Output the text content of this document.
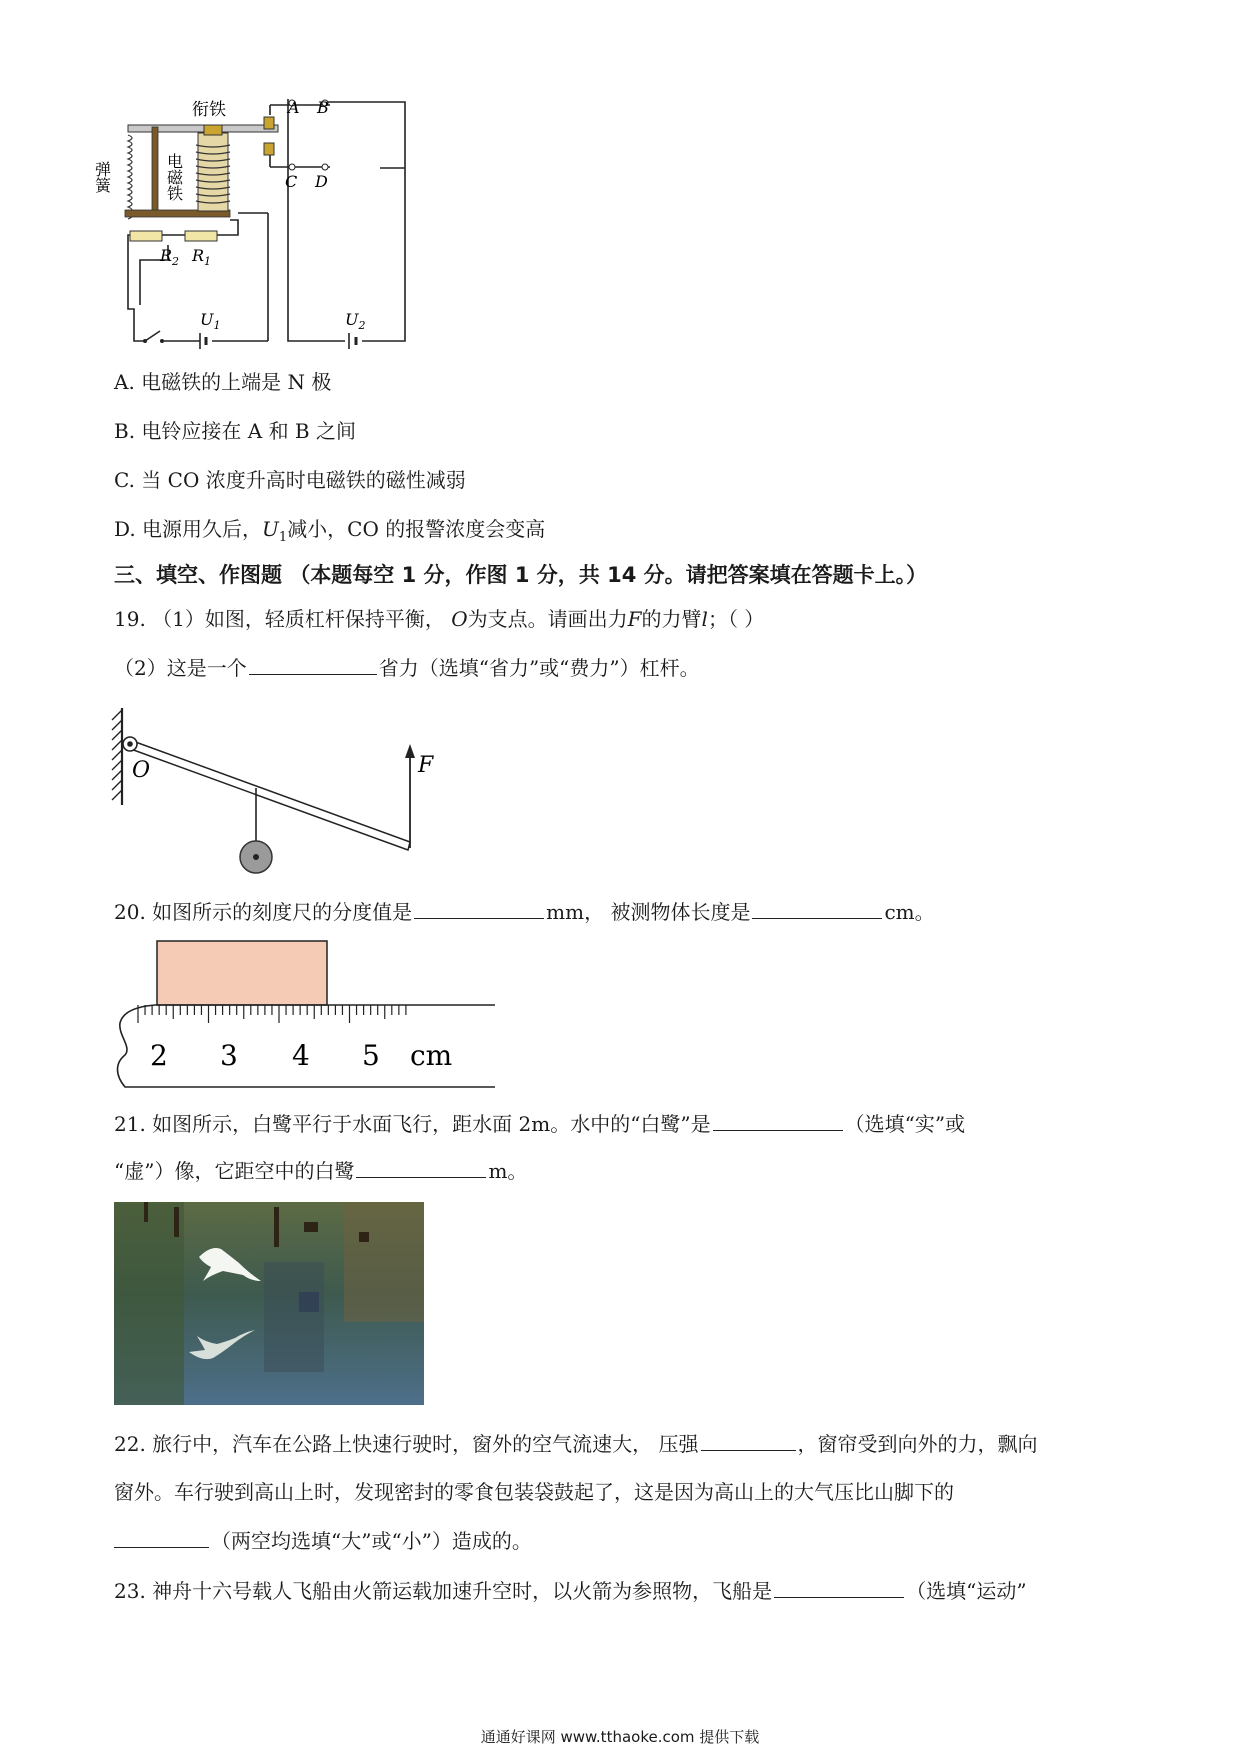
衔铁	A B
C D
弹簧	电磁铁
$R_2$ $R_1$
$U_1$	$U_2$
A. 电磁铁的上端是 N 极
B. 电铃应接在 A 和 B 之间
C. 当 CO 浓度升高时电磁铁的磁性减弱
D. 电源用久后，$U_1$减小，CO 的报警浓度会变高
三、填空、作图题 （本题每空 1 分，作图 1 分，共 14 分。请把答案填在答题卡上。）
19. （1）如图，轻质杠杆保持平衡， O为支点。请画出力F的力臂l；（ ）
（2）这是一个	省力（选填“省力”或“费力”）杠杆。
O	F
20. 如图所示的刻度尺的分度值是	mm， 被测物体长度是	cm。
2 3 4 5 cm
21. 如图所示，白鹭平行于水面飞行，距水面 2m。水中的“白鹭”是	（选填“实”或
“虚”）像，它距空中的白鹭	m。
22. 旅行中，汽车在公路上快速行驶时，窗外的空气流速大， 压强	，窗帘受到向外的力，飘向
窗外。车行驶到高山上时，发现密封的零食包装袋鼓起了，这是因为高山上的大气压比山脚下的
（两空均选填“大”或“小”）造成的。
23. 神舟十六号载人飞船由火箭运载加速升空时，以火箭为参照物，飞船是	（选填“运动”
通通好课网 www.tthaoke.com 提供下载
